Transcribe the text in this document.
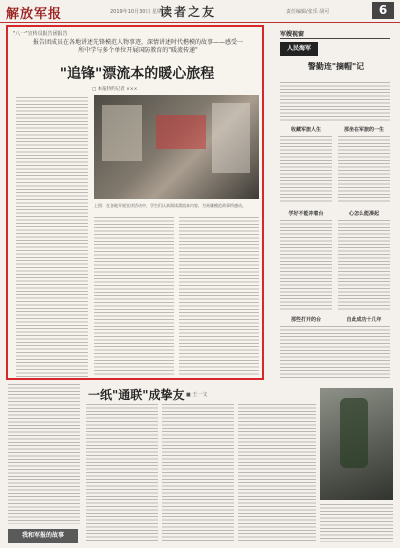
解放军报	2019年10月30日 星期三
读者之友	责任编辑/张乐 胡可	6
"八一"宣传员报告团报告
报告团成员在各地讲述先锋模范人物事迹，深情讲述时代楷模的故事——感受一所中学与多个单位开展国防教育的"暖流传递"
"追锋"漂流本的暖心旅程
□ 本报特约记者 ×××
上图：在各地开展宣讲活动中，学生们认真阅读漂流本内容，为英雄模范故事所感动。
一纸"通联"成挚友 ■ 王一文
我和军报的故事
军嫂视窗
人民海军
警勤连"摘帽"记
收藏军旅人生	那坐在军旅的一生
学好不能冲着台	心怎么能凑起
那些打开的台	自此成功十几年
